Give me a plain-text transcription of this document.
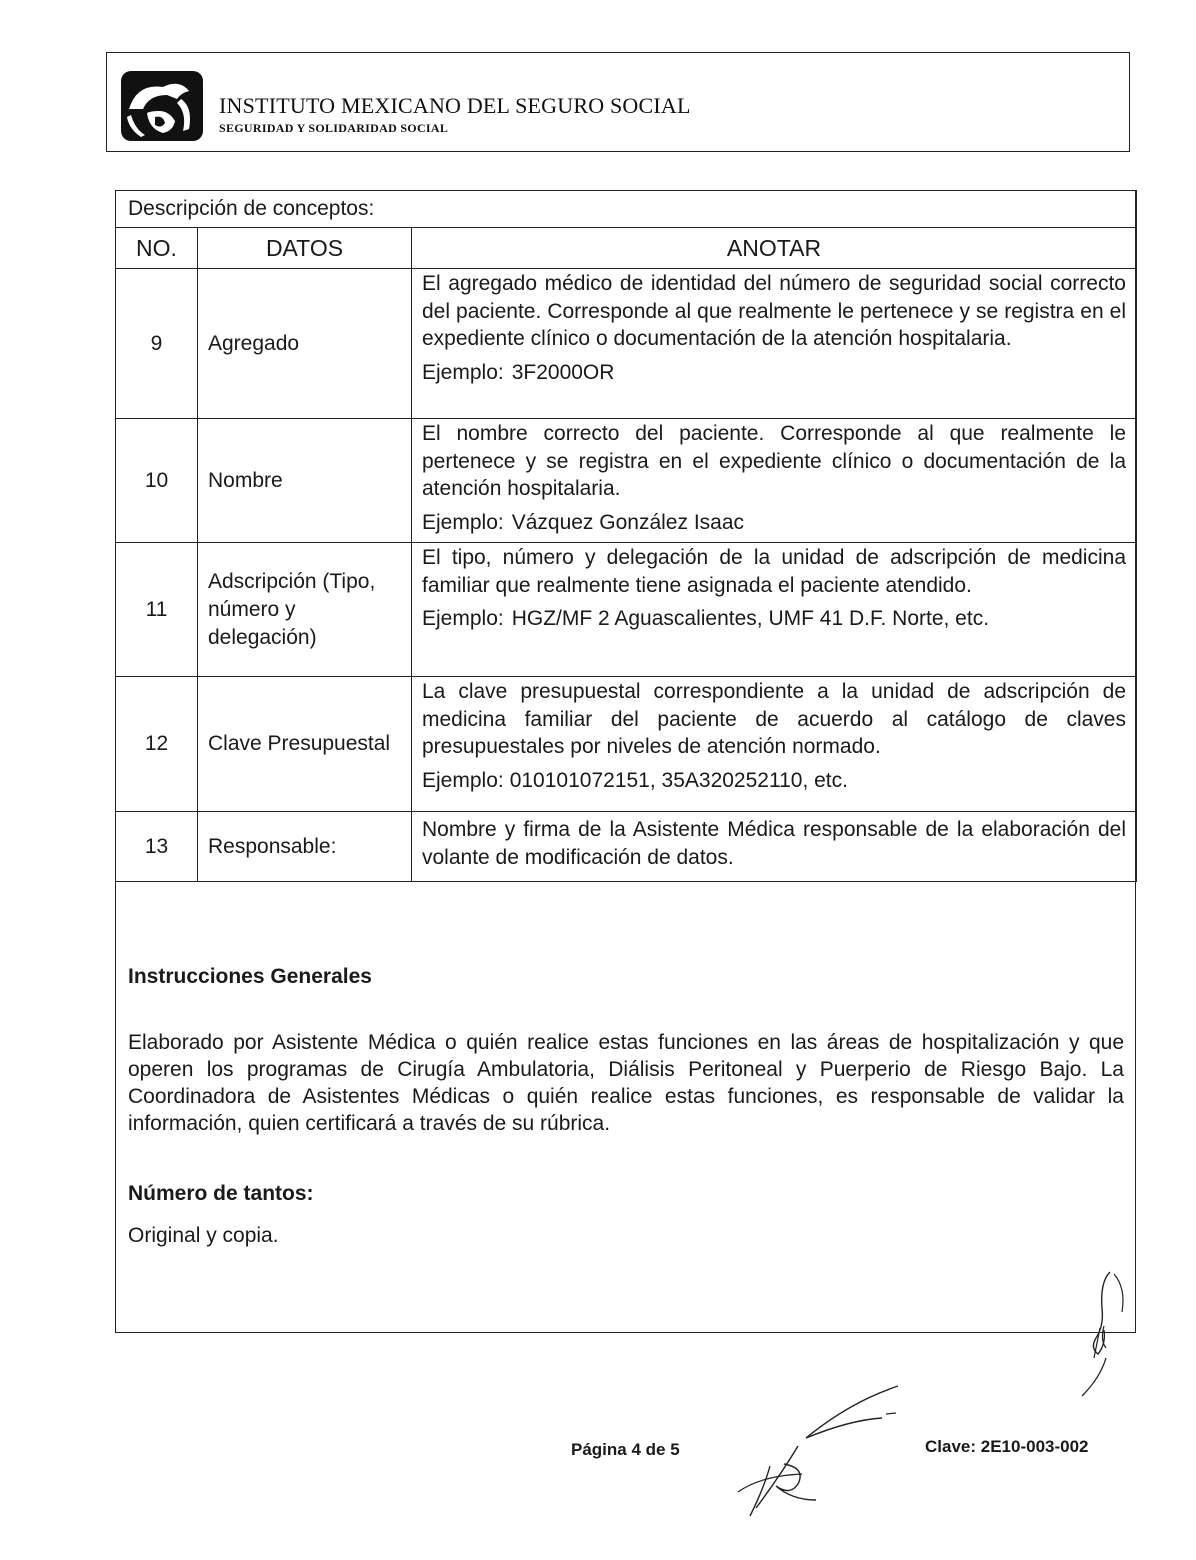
INSTITUTO MEXICANO DEL SEGURO SOCIAL
SEGURIDAD Y SOLIDARIDAD SOCIAL
Descripción de conceptos:		
NO.	DATOS	ANOTAR
9	Agregado	El agregado médico de identidad del número de seguridad social correcto del paciente. Corresponde al que realmente le pertenece y se registra en el expediente clínico o documentación de la atención hospitalaria.

Ejemplo: 3F2000OR

10	Nombre	El nombre correcto del paciente. Corresponde al que realmente le pertenece y se registra en el expediente clínico o documentación de la atención hospitalaria.

Ejemplo: Vázquez González Isaac

11	Adscripción (Tipo, número y delegación)	El tipo, número y delegación de la unidad de adscripción de medicina familiar que realmente tiene asignada el paciente atendido.

Ejemplo: HGZ/MF 2 Aguascalientes, UMF 41 D.F. Norte, etc.

12	Clave Presupuestal	La clave presupuestal correspondiente a la unidad de adscripción de medicina familiar del paciente de acuerdo al catálogo de claves presupuestales por niveles de atención normado.

Ejemplo: 010101072151, 35A320252110, etc.

13	Responsable:	Nombre y firma de la Asistente Médica responsable de la elaboración del volante de modificación de datos.

Instrucciones Generales
Elaborado por Asistente Médica o quién realice estas funciones en las áreas de hospitalización y que operen los programas de Cirugía Ambulatoria, Diálisis Peritoneal y Puerperio de Riesgo Bajo. La Coordinadora de Asistentes Médicas o quién realice estas funciones, es responsable de validar la información, quien certificará a través de su rúbrica.
Número de tantos:
Original y copia.
Página 4 de 5	Clave: 2E10-003-002
